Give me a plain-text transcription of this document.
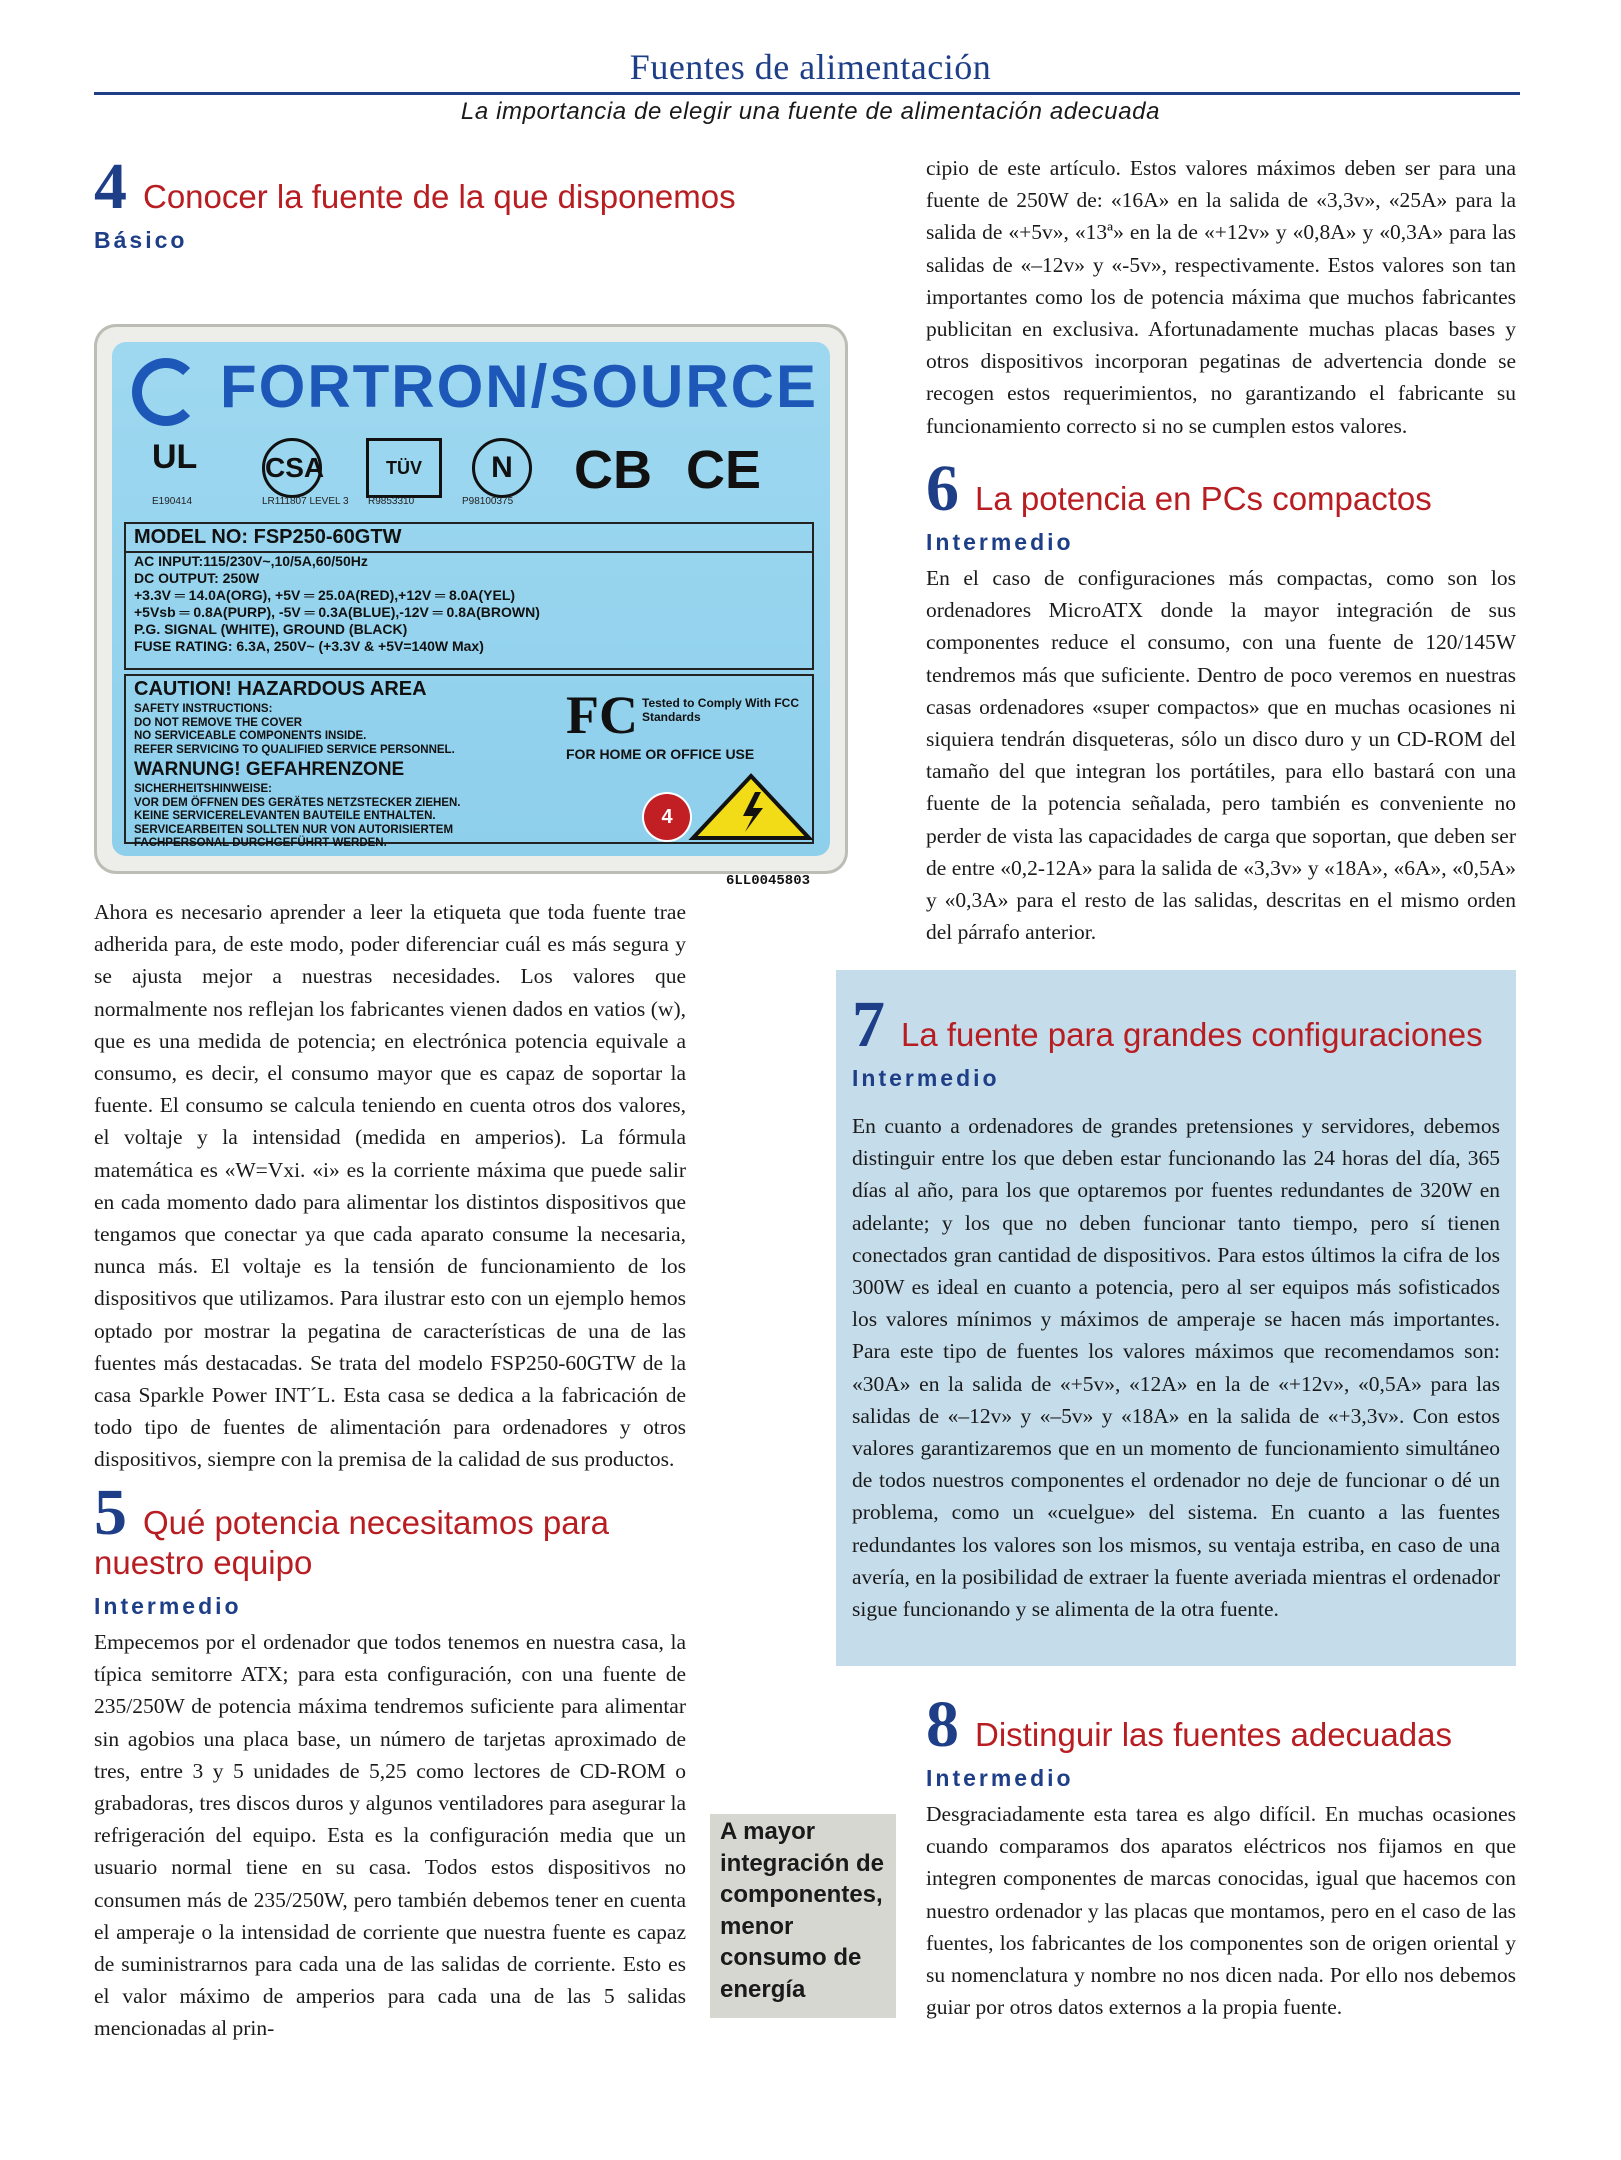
Fuentes de alimentación
La importancia de elegir una fuente de alimentación adecuada
4 Conocer la fuente de la que disponemos
Básico
FORTRON/SOURCE
UL CSA	TÜV	N	CB CE
E190414	LR111807 LEVEL 3 R9853310	P98100375
MODEL NO: FSP250-60GTW
AC INPUT:115/230V~,10/5A,60/50Hz
DC OUTPUT: 250W
+3.3V ═ 14.0A(ORG), +5V ═ 25.0A(RED),+12V ═ 8.0A(YEL)
+5Vsb ═ 0.8A(PURP), -5V ═ 0.3A(BLUE),-12V ═ 0.8A(BROWN)
P.G. SIGNAL (WHITE), GROUND (BLACK)
FUSE RATING: 6.3A, 250V~ (+3.3V & +5V=140W Max)
CAUTION! HAZARDOUS AREA
SAFETY INSTRUCTIONS:
DO NOT REMOVE THE COVER
NO SERVICEABLE COMPONENTS INSIDE.
REFER SERVICING TO QUALIFIED SERVICE PERSONNEL.
WARNUNG! GEFAHRENZONE
SICHERHEITSHINWEISE:
VOR DEM ÖFFNEN DES GERÄTES NETZSTECKER ZIEHEN.
KEINE SERVICERELEVANTEN BAUTEILE ENTHALTEN.
SERVICEARBEITEN SOLLTEN NUR VON AUTORISIERTEM
FACHPERSONAL DURCHGEFÜHRT WERDEN.
FC Tested to Comply With FCC Standards
FOR HOME OR OFFICE USE
4
6LL0045803
Ahora es necesario aprender a leer la etiqueta que toda fuente trae adherida para, de este modo, poder diferenciar cuál es más segura y se ajusta mejor a nuestras necesidades. Los valores que normalmente nos reflejan los fabricantes vienen dados en vatios (w), que es una medida de potencia; en electrónica potencia equivale a consumo, es decir, el consumo mayor que es capaz de soportar la fuente. El consumo se calcula teniendo en cuenta otros dos valores, el voltaje y la intensidad (medida en amperios). La fórmula matemática es «W=Vxi. «i» es la corriente máxima que puede salir en cada momento dado para alimentar los distintos dispositivos que tengamos que conectar ya que cada aparato consume la necesaria, nunca más. El voltaje es la tensión de funcionamiento de los dispositivos que utilizamos. Para ilustrar esto con un ejemplo hemos optado por mostrar la pegatina de características de una de las fuentes más destacadas. Se trata del modelo FSP250-60GTW de la casa Sparkle Power INT´L. Esta casa se dedica a la fabricación de todo tipo de fuentes de alimentación para ordenadores y otros dispositivos, siempre con la premisa de la calidad de sus productos.
5 Qué potencia necesitamos para nuestro equipo
Intermedio
Empecemos por el ordenador que todos tenemos en nuestra casa, la típica semitorre ATX; para esta configuración, con una fuente de 235/250W de potencia máxima tendremos suficiente para alimentar sin agobios una placa base, un número de tarjetas aproximado de tres, entre 3 y 5 unidades de 5,25 como lectores de CD-ROM o grabadoras, tres discos duros y algunos ventiladores para asegurar la refrigeración del equipo. Esta es la configuración media que un usuario normal tiene en su casa. Todos estos dispositivos no consumen más de 235/250W, pero también debemos tener en cuenta el amperaje o la intensidad de corriente que nuestra fuente es capaz de suministrarnos para cada una de las salidas de corriente. Esto es el valor máximo de amperios para cada una de las 5 salidas mencionadas al prin-
A mayor integración de componentes, menor consumo de energía
cipio de este artículo. Estos valores máximos deben ser para una fuente de 250W de: «16A» en la salida de «3,3v», «25A» para la salida de «+5v», «13ª» en la de «+12v» y «0,8A» y «0,3A» para las salidas de «–12v» y «-5v», respectivamente. Estos valores son tan importantes como los de potencia máxima que muchos fabricantes publicitan en exclusiva. Afortunadamente muchas placas bases y otros dispositivos incorporan pegatinas de advertencia donde se recogen estos requerimientos, no garantizando el fabricante su funcionamiento correcto si no se cumplen estos valores.
6 La potencia en PCs compactos
Intermedio
En el caso de configuraciones más compactas, como son los ordenadores MicroATX donde la mayor integración de sus componentes reduce el consumo, con una fuente de 120/145W tendremos más que suficiente. Dentro de poco veremos en nuestras casas ordenadores «super compactos» que en muchas ocasiones ni siquiera tendrán disqueteras, sólo un disco duro y un CD-ROM del tamaño del que integran los portátiles, para ello bastará con una fuente de la potencia señalada, pero también es conveniente no perder de vista las capacidades de carga que soportan, que deben ser de entre «0,2-12A» para la salida de «3,3v» y «18A», «6A», «0,5A» y «0,3A» para el resto de las salidas, descritas en el mismo orden del párrafo anterior.
7 La fuente para grandes configuraciones
Intermedio
En cuanto a ordenadores de grandes pretensiones y servidores, debemos distinguir entre los que deben estar funcionando las 24 horas del día, 365 días al año, para los que optaremos por fuentes redundantes de 320W en adelante; y los que no deben funcionar tanto tiempo, pero sí tienen conectados gran cantidad de dispositivos. Para estos últimos la cifra de los 300W es ideal en cuanto a potencia, pero al ser equipos más sofisticados los valores mínimos y máximos de amperaje se hacen más importantes. Para este tipo de fuentes los valores máximos que recomendamos son: «30A» en la salida de «+5v», «12A» en la de «+12v», «0,5A» para las salidas de «–12v» y «–5v» y «18A» en la salida de «+3,3v». Con estos valores garantizaremos que en un momento de funcionamiento simultáneo de todos nuestros componentes el ordenador no deje de funcionar o dé un problema, como un «cuelgue» del sistema. En cuanto a las fuentes redundantes los valores son los mismos, su ventaja estriba, en caso de una avería, en la posibilidad de extraer la fuente averiada mientras el ordenador sigue funcionando y se alimenta de la otra fuente.
8 Distinguir las fuentes adecuadas
Intermedio
Desgraciadamente esta tarea es algo difícil. En muchas ocasiones cuando comparamos dos aparatos eléctricos nos fijamos en que integren componentes de marcas conocidas, igual que hacemos con nuestro ordenador y las placas que montamos, pero en el caso de las fuentes, los fabricantes de los componentes son de origen oriental y su nomenclatura y nombre no nos dicen nada. Por ello nos debemos guiar por otros datos externos a la propia fuente.
